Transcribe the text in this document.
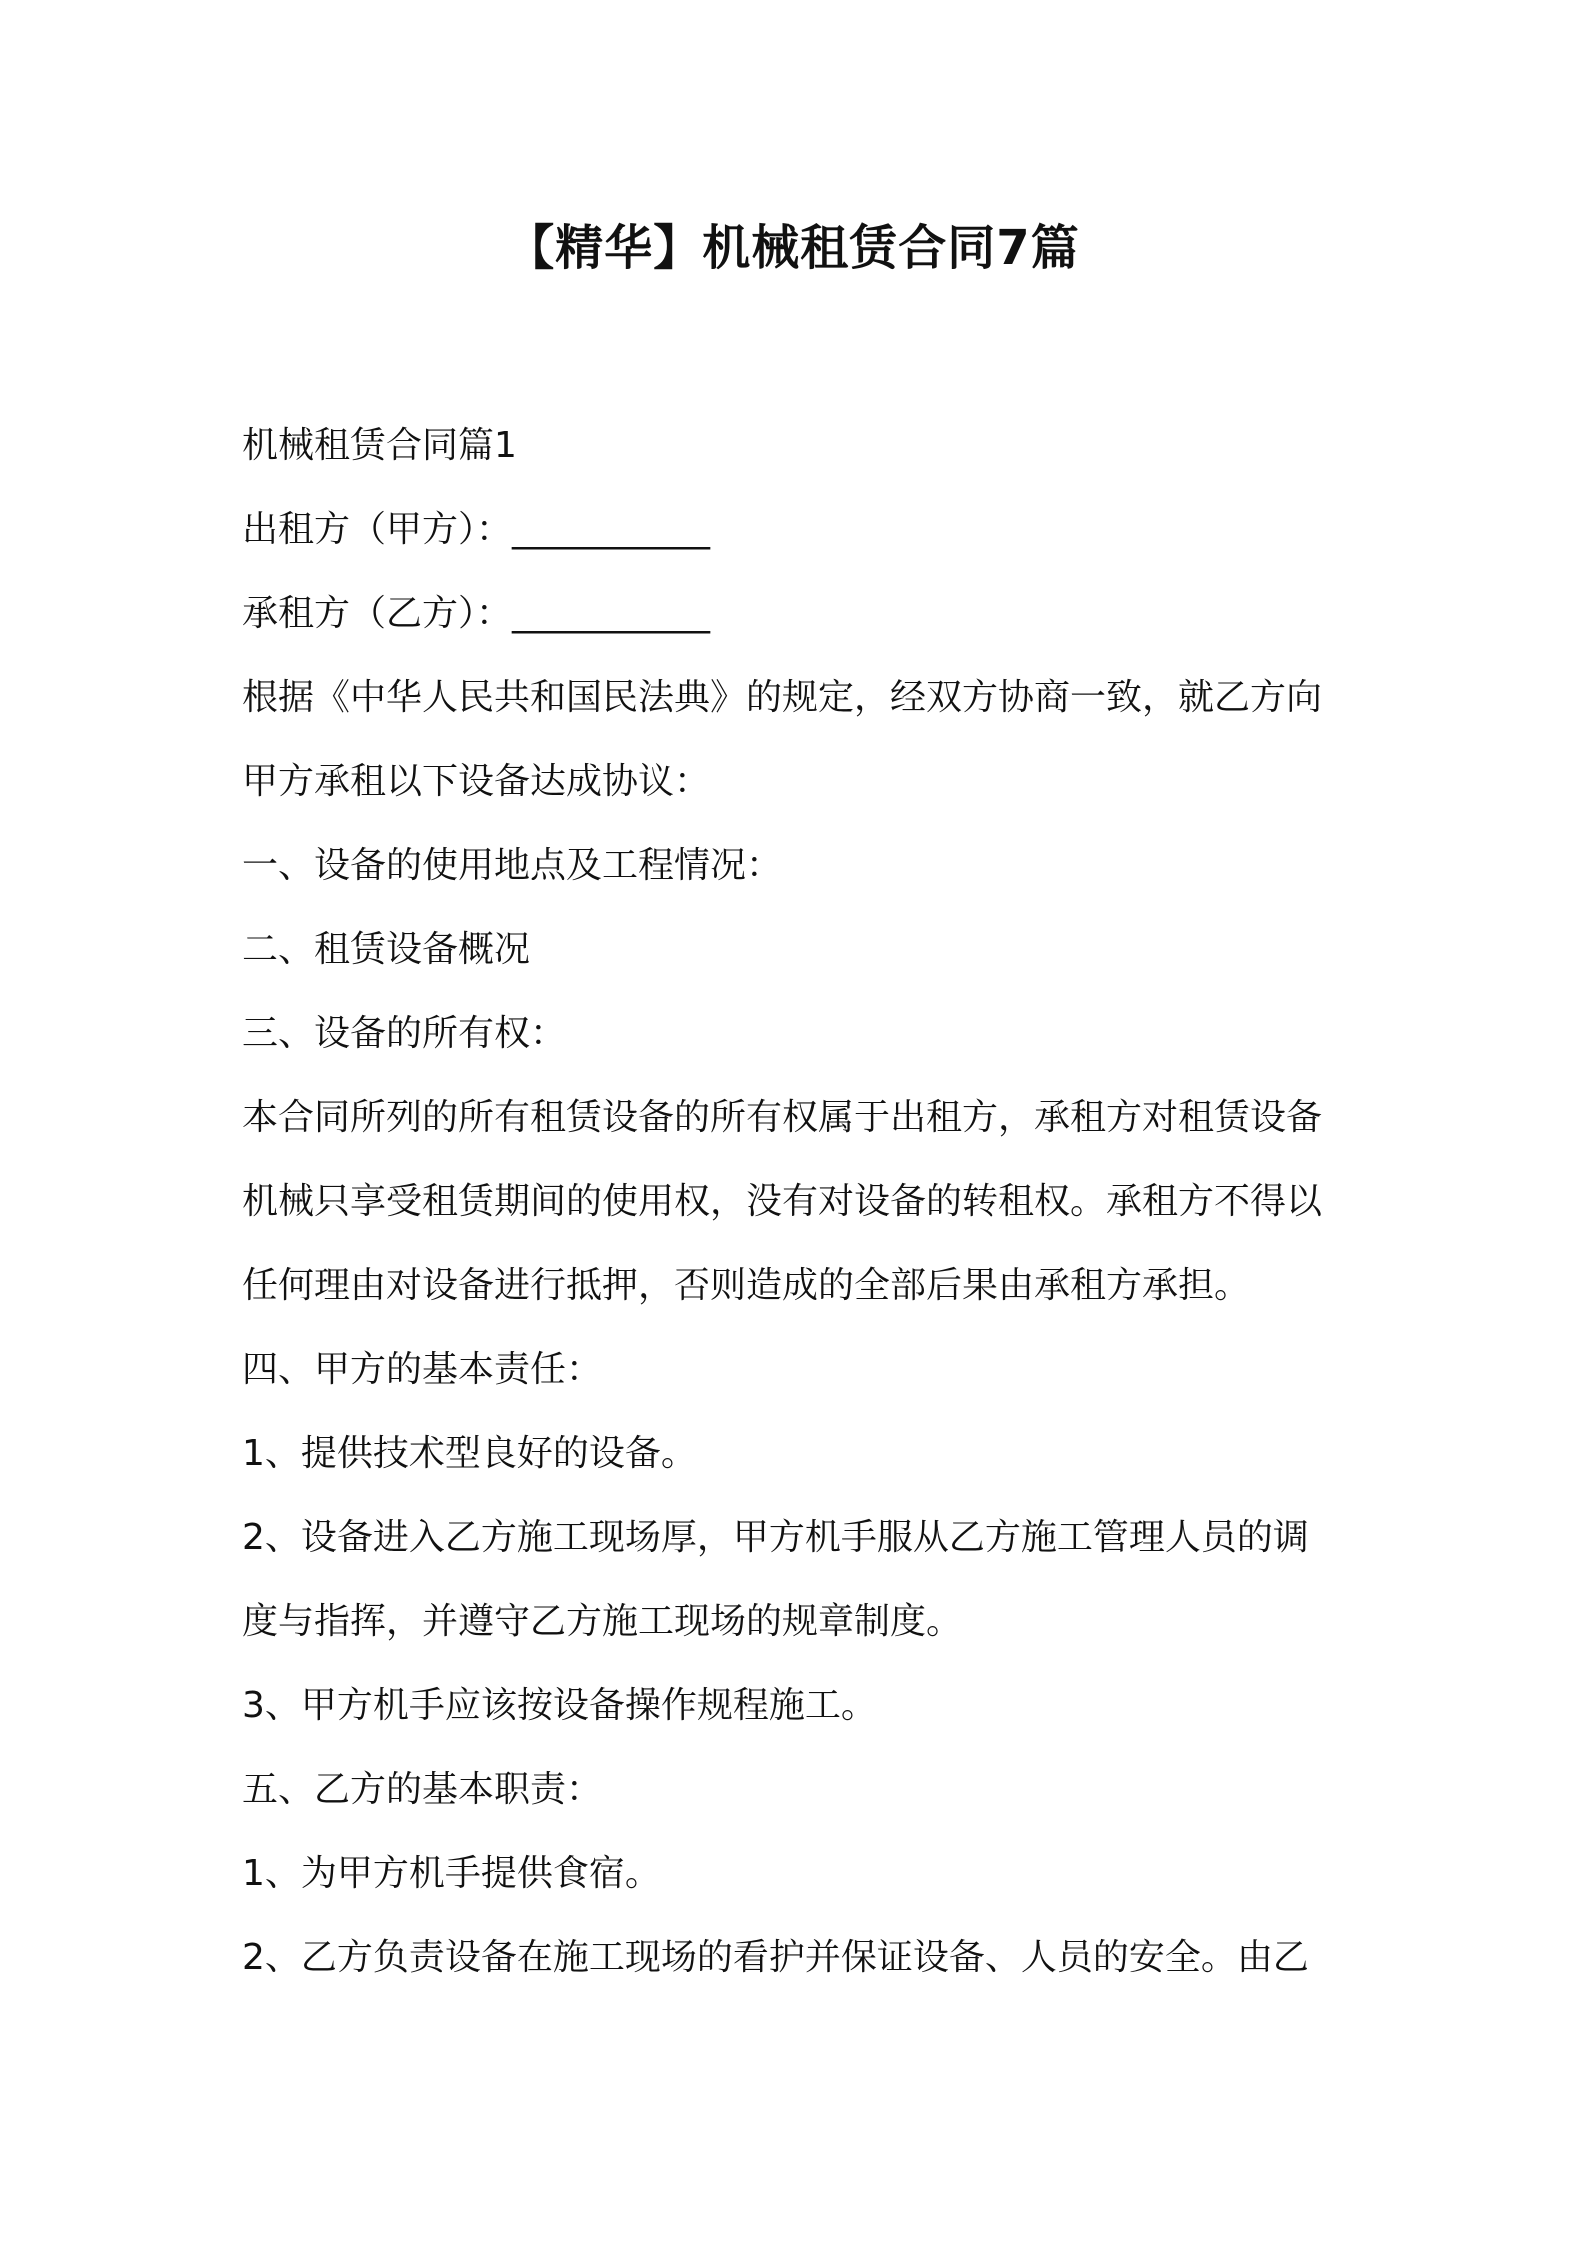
【精华】机械租赁合同7篇

机械租赁合同篇1

出租方（甲方）：___________

承租方（乙方）：___________

根据《中华人民共和国民法典》的规定，经双方协商一致，就乙方向

甲方承租以下设备达成协议：

一、设备的使用地点及工程情况：

二、租赁设备概况

三、设备的所有权：

本合同所列的所有租赁设备的所有权属于出租方，承租方对租赁设备

机械只享受租赁期间的使用权，没有对设备的转租权。承租方不得以

任何理由对设备进行抵押，否则造成的全部后果由承租方承担。

四、甲方的基本责任：

1、提供技术型良好的设备。

2、设备进入乙方施工现场厚，甲方机手服从乙方施工管理人员的调

度与指挥，并遵守乙方施工现场的规章制度。

3、甲方机手应该按设备操作规程施工。

五、乙方的基本职责：

1、为甲方机手提供食宿。

2、乙方负责设备在施工现场的看护并保证设备、人员的安全。由乙
